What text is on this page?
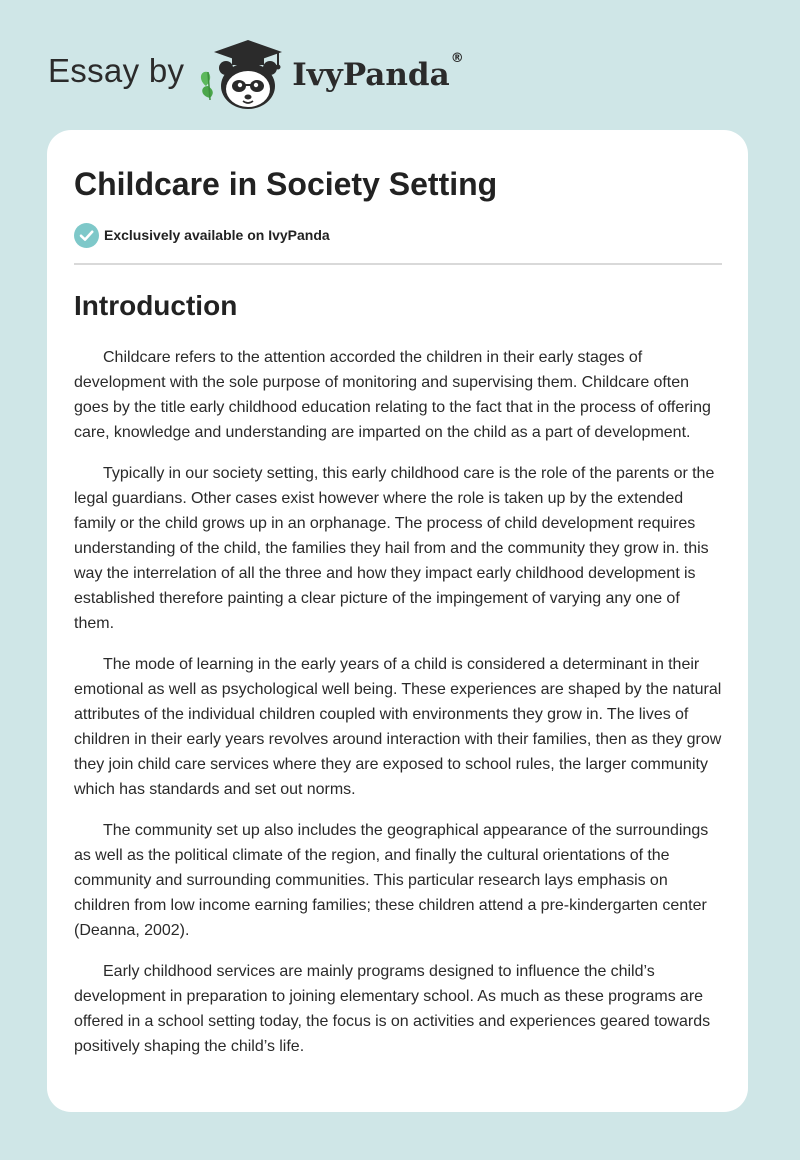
Essay by	IvyPanda®
Childcare in Society Setting
Exclusively available on IvyPanda
Introduction

Childcare refers to the attention accorded the children in their early stages of development with the sole purpose of monitoring and supervising them. Childcare often goes by the title early childhood education relating to the fact that in the process of offering care, knowledge and understanding are imparted on the child as a part of development.

Typically in our society setting, this early childhood care is the role of the parents or the legal guardians. Other cases exist however where the role is taken up by the extended family or the child grows up in an orphanage. The process of child development requires understanding of the child, the families they hail from and the community they grow in. this way the interrelation of all the three and how they impact early childhood development is established therefore painting a clear picture of the impingement of varying any one of them.

The mode of learning in the early years of a child is considered a determinant in their emotional as well as psychological well being. These experiences are shaped by the natural attributes of the individual children coupled with environments they grow in. The lives of children in their early years revolves around interaction with their families, then as they grow they join child care services where they are exposed to school rules, the larger community which has standards and set out norms.

The community set up also includes the geographical appearance of the surroundings as well as the political climate of the region, and finally the cultural orientations of the community and surrounding communities. This particular research lays emphasis on children from low income earning families; these children attend a pre-kindergarten center (Deanna, 2002).

Early childhood services are mainly programs designed to influence the child’s development in preparation to joining elementary school. As much as these programs are offered in a school setting today, the focus is on activities and experiences geared towards positively shaping the child’s life.
